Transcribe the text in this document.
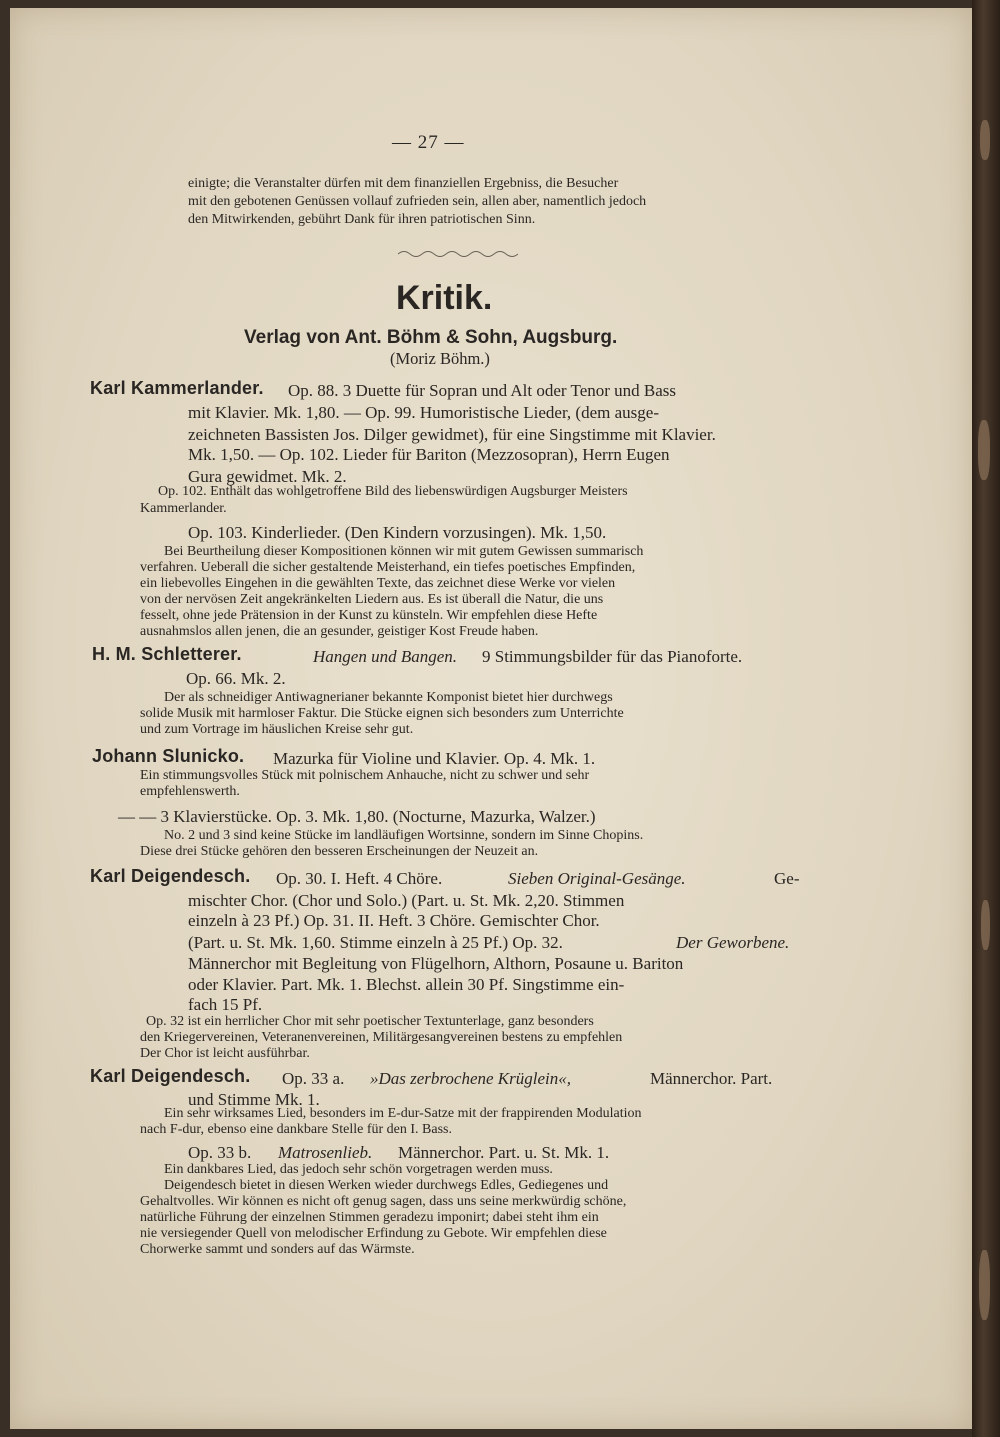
— 27 —
einigte; die Veranstalter dürfen mit dem finanziellen Ergebniss, die Besucher
mit den gebotenen Genüssen vollauf zufrieden sein, allen aber, namentlich jedoch
den Mitwirkenden, gebührt Dank für ihren patriotischen Sinn.
Kritik.
Verlag von Ant. Böhm & Sohn, Augsburg.
(Moriz Böhm.)
Karl Kammerlander. Op. 88. 3 Duette für Sopran und Alt oder Tenor und Bass
mit Klavier. Mk. 1,80. — Op. 99. Humoristische Lieder, (dem ausge-
zeichneten Bassisten Jos. Dilger gewidmet), für eine Singstimme mit Klavier.
Mk. 1,50. — Op. 102. Lieder für Bariton (Mezzosopran), Herrn Eugen
Gura gewidmet. Mk. 2.
Op. 102. Enthält das wohlgetroffene Bild des liebenswürdigen Augsburger Meisters
Kammerlander.
Op. 103. Kinderlieder. (Den Kindern vorzusingen). Mk. 1,50.
Bei Beurtheilung dieser Kompositionen können wir mit gutem Gewissen summarisch
verfahren. Ueberall die sicher gestaltende Meisterhand, ein tiefes poetisches Empfinden,
ein liebevolles Eingehen in die gewählten Texte, das zeichnet diese Werke vor vielen
von der nervösen Zeit angekränkelten Liedern aus. Es ist überall die Natur, die uns
fesselt, ohne jede Prätension in der Kunst zu künsteln. Wir empfehlen diese Hefte
ausnahmslos allen jenen, die an gesunder, geistiger Kost Freude haben.
H. M. Schletterer.	Hangen und Bangen. 9 Stimmungsbilder für das Pianoforte.
Op. 66. Mk. 2.
Der als schneidiger Antiwagnerianer bekannte Komponist bietet hier durchwegs
solide Musik mit harmloser Faktur. Die Stücke eignen sich besonders zum Unterrichte
und zum Vortrage im häuslichen Kreise sehr gut.
Johann Slunicko. Mazurka für Violine und Klavier. Op. 4. Mk. 1.
Ein stimmungsvolles Stück mit polnischem Anhauche, nicht zu schwer und sehr
empfehlenswerth.
— — 3 Klavierstücke. Op. 3. Mk. 1,80. (Nocturne, Mazurka, Walzer.)
No. 2 und 3 sind keine Stücke im landläufigen Wortsinne, sondern im Sinne Chopins.
Diese drei Stücke gehören den besseren Erscheinungen der Neuzeit an.
Karl Deigendesch. Op. 30. I. Heft. 4 Chöre.	Sieben Original-Gesänge.	Ge-
mischter Chor. (Chor und Solo.) (Part. u. St. Mk. 2,20. Stimmen
einzeln à 23 Pf.) Op. 31. II. Heft. 3 Chöre. Gemischter Chor.
(Part. u. St. Mk. 1,60. Stimme einzeln à 25 Pf.) Op. 32.	Der Geworbene.
Männerchor mit Begleitung von Flügelhorn, Althorn, Posaune u. Bariton
oder Klavier. Part. Mk. 1. Blechst. allein 30 Pf. Singstimme ein-
fach 15 Pf.
Op. 32 ist ein herrlicher Chor mit sehr poetischer Textunterlage, ganz besonders
den Kriegervereinen, Veteranenvereinen, Militärgesangvereinen bestens zu empfehlen
Der Chor ist leicht ausführbar.
Karl Deigendesch. Op. 33 a. »Das zerbrochene Krüglein«,	Männerchor. Part.
und Stimme Mk. 1.
Ein sehr wirksames Lied, besonders im E-dur-Satze mit der frappirenden Modulation
nach F-dur, ebenso eine dankbare Stelle für den I. Bass.
Op. 33 b. Matrosenlieb. Männerchor. Part. u. St. Mk. 1.
Ein dankbares Lied, das jedoch sehr schön vorgetragen werden muss.
Deigendesch bietet in diesen Werken wieder durchwegs Edles, Gediegenes und
Gehaltvolles. Wir können es nicht oft genug sagen, dass uns seine merkwürdig schöne,
natürliche Führung der einzelnen Stimmen geradezu imponirt; dabei steht ihm ein
nie versiegender Quell von melodischer Erfindung zu Gebote. Wir empfehlen diese
Chorwerke sammt und sonders auf das Wärmste.
